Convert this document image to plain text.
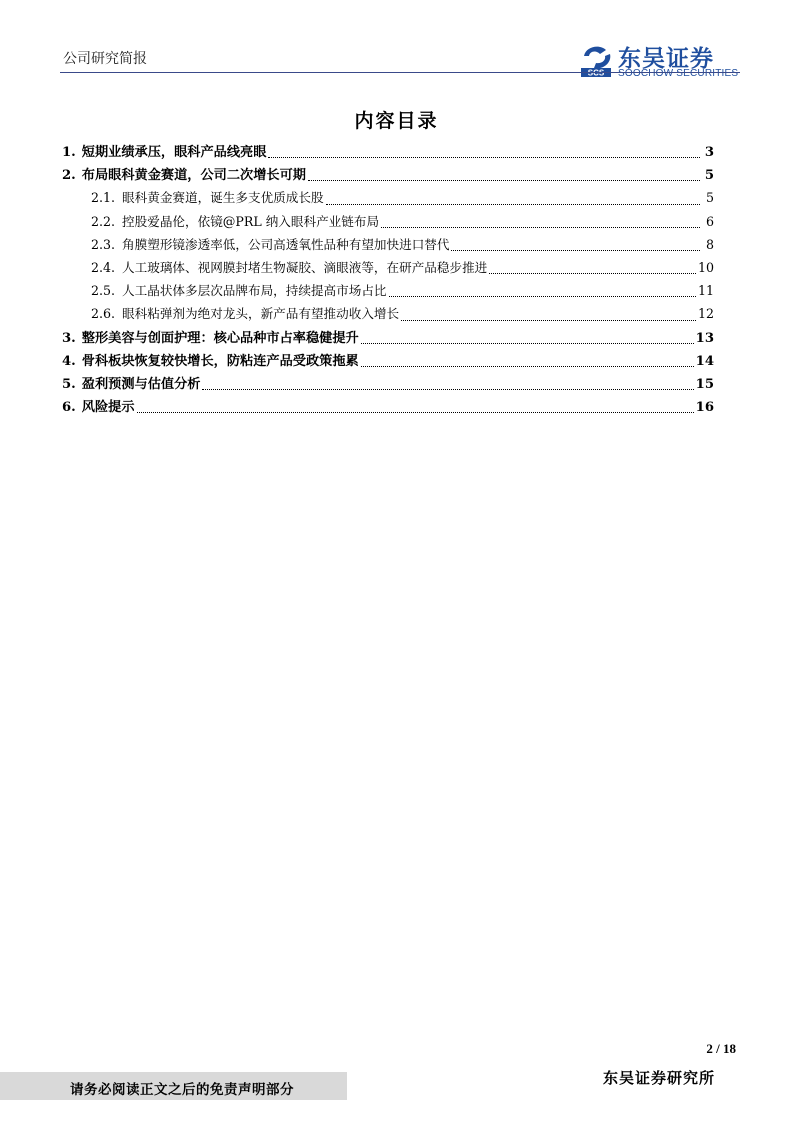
公司研究简报
SCS
东吴证券
SOOCHOW SECURITIES
内容目录
1. 短期业绩承压，眼科产品线亮眼	3
2. 布局眼科黄金赛道，公司二次增长可期	5
2.1. 眼科黄金赛道，诞生多支优质成长股	5
2.2. 控股爱晶伦，依镜@PRL 纳入眼科产业链布局	6
2.3. 角膜塑形镜渗透率低，公司高透氧性品种有望加快进口替代	8
2.4. 人工玻璃体、视网膜封堵生物凝胶、滴眼液等，在研产品稳步推进	10
2.5. 人工晶状体多层次品牌布局，持续提高市场占比	11
2.6. 眼科粘弹剂为绝对龙头，新产品有望推动收入增长	12
3. 整形美容与创面护理：核心品种市占率稳健提升	13
4. 骨科板块恢复较快增长，防粘连产品受政策拖累	14
5. 盈利预测与估值分析	15
6. 风险提示	16
2 / 18
请务必阅读正文之后的免责声明部分
东吴证券研究所
